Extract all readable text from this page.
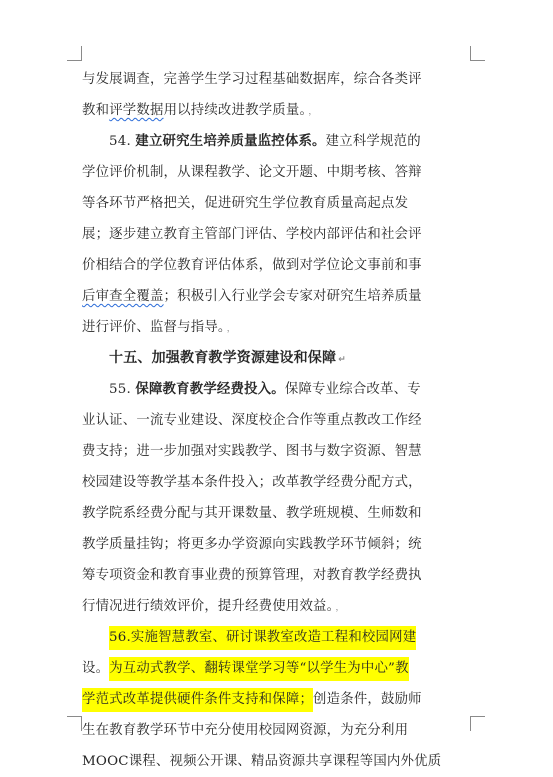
与发展调查，完善学生学习过程基础数据库，综合各类评
教和评学数据用以持续改进教学质量。 ，
54. 建立研究生培养质量监控体系。建立科学规范的
学位评价机制，从课程教学、论文开题、中期考核、答辩
等各环节严格把关，促进研究生学位教育质量高起点发
展；逐步建立教育主管部门评估、学校内部评估和社会评
价相结合的学位教育评估体系，做到对学位论文事前和事
后审查全覆盖；积极引入行业学会专家对研究生培养质量
进行评价、监督与指导。 ，
十五、加强教育教学资源建设和保障 ↵
55. 保障教育教学经费投入。保障专业综合改革、专
业认证、一流专业建设、深度校企合作等重点教改工作经
费支持；进一步加强对实践教学、图书与数字资源、智慧
校园建设等教学基本条件投入；改革教学经费分配方式，
教学院系经费分配与其开课数量、教学班规模、生师数和
教学质量挂钩；将更多办学资源向实践教学环节倾斜；统
筹专项资金和教育事业费的预算管理，对教育教学经费执
行情况进行绩效评价，提升经费使用效益。 ，
56.实施智慧教室、研讨课教室改造工程和校园网建
设。为互动式教学、翻转课堂学习等“以学生为中心”教
学范式改革提供硬件条件支持和保障；创造条件，鼓励师
生在教育教学环节中充分使用校园网资源，为充分利用
MOOC课程、视频公开课、精品资源共享课程等国内外优质
